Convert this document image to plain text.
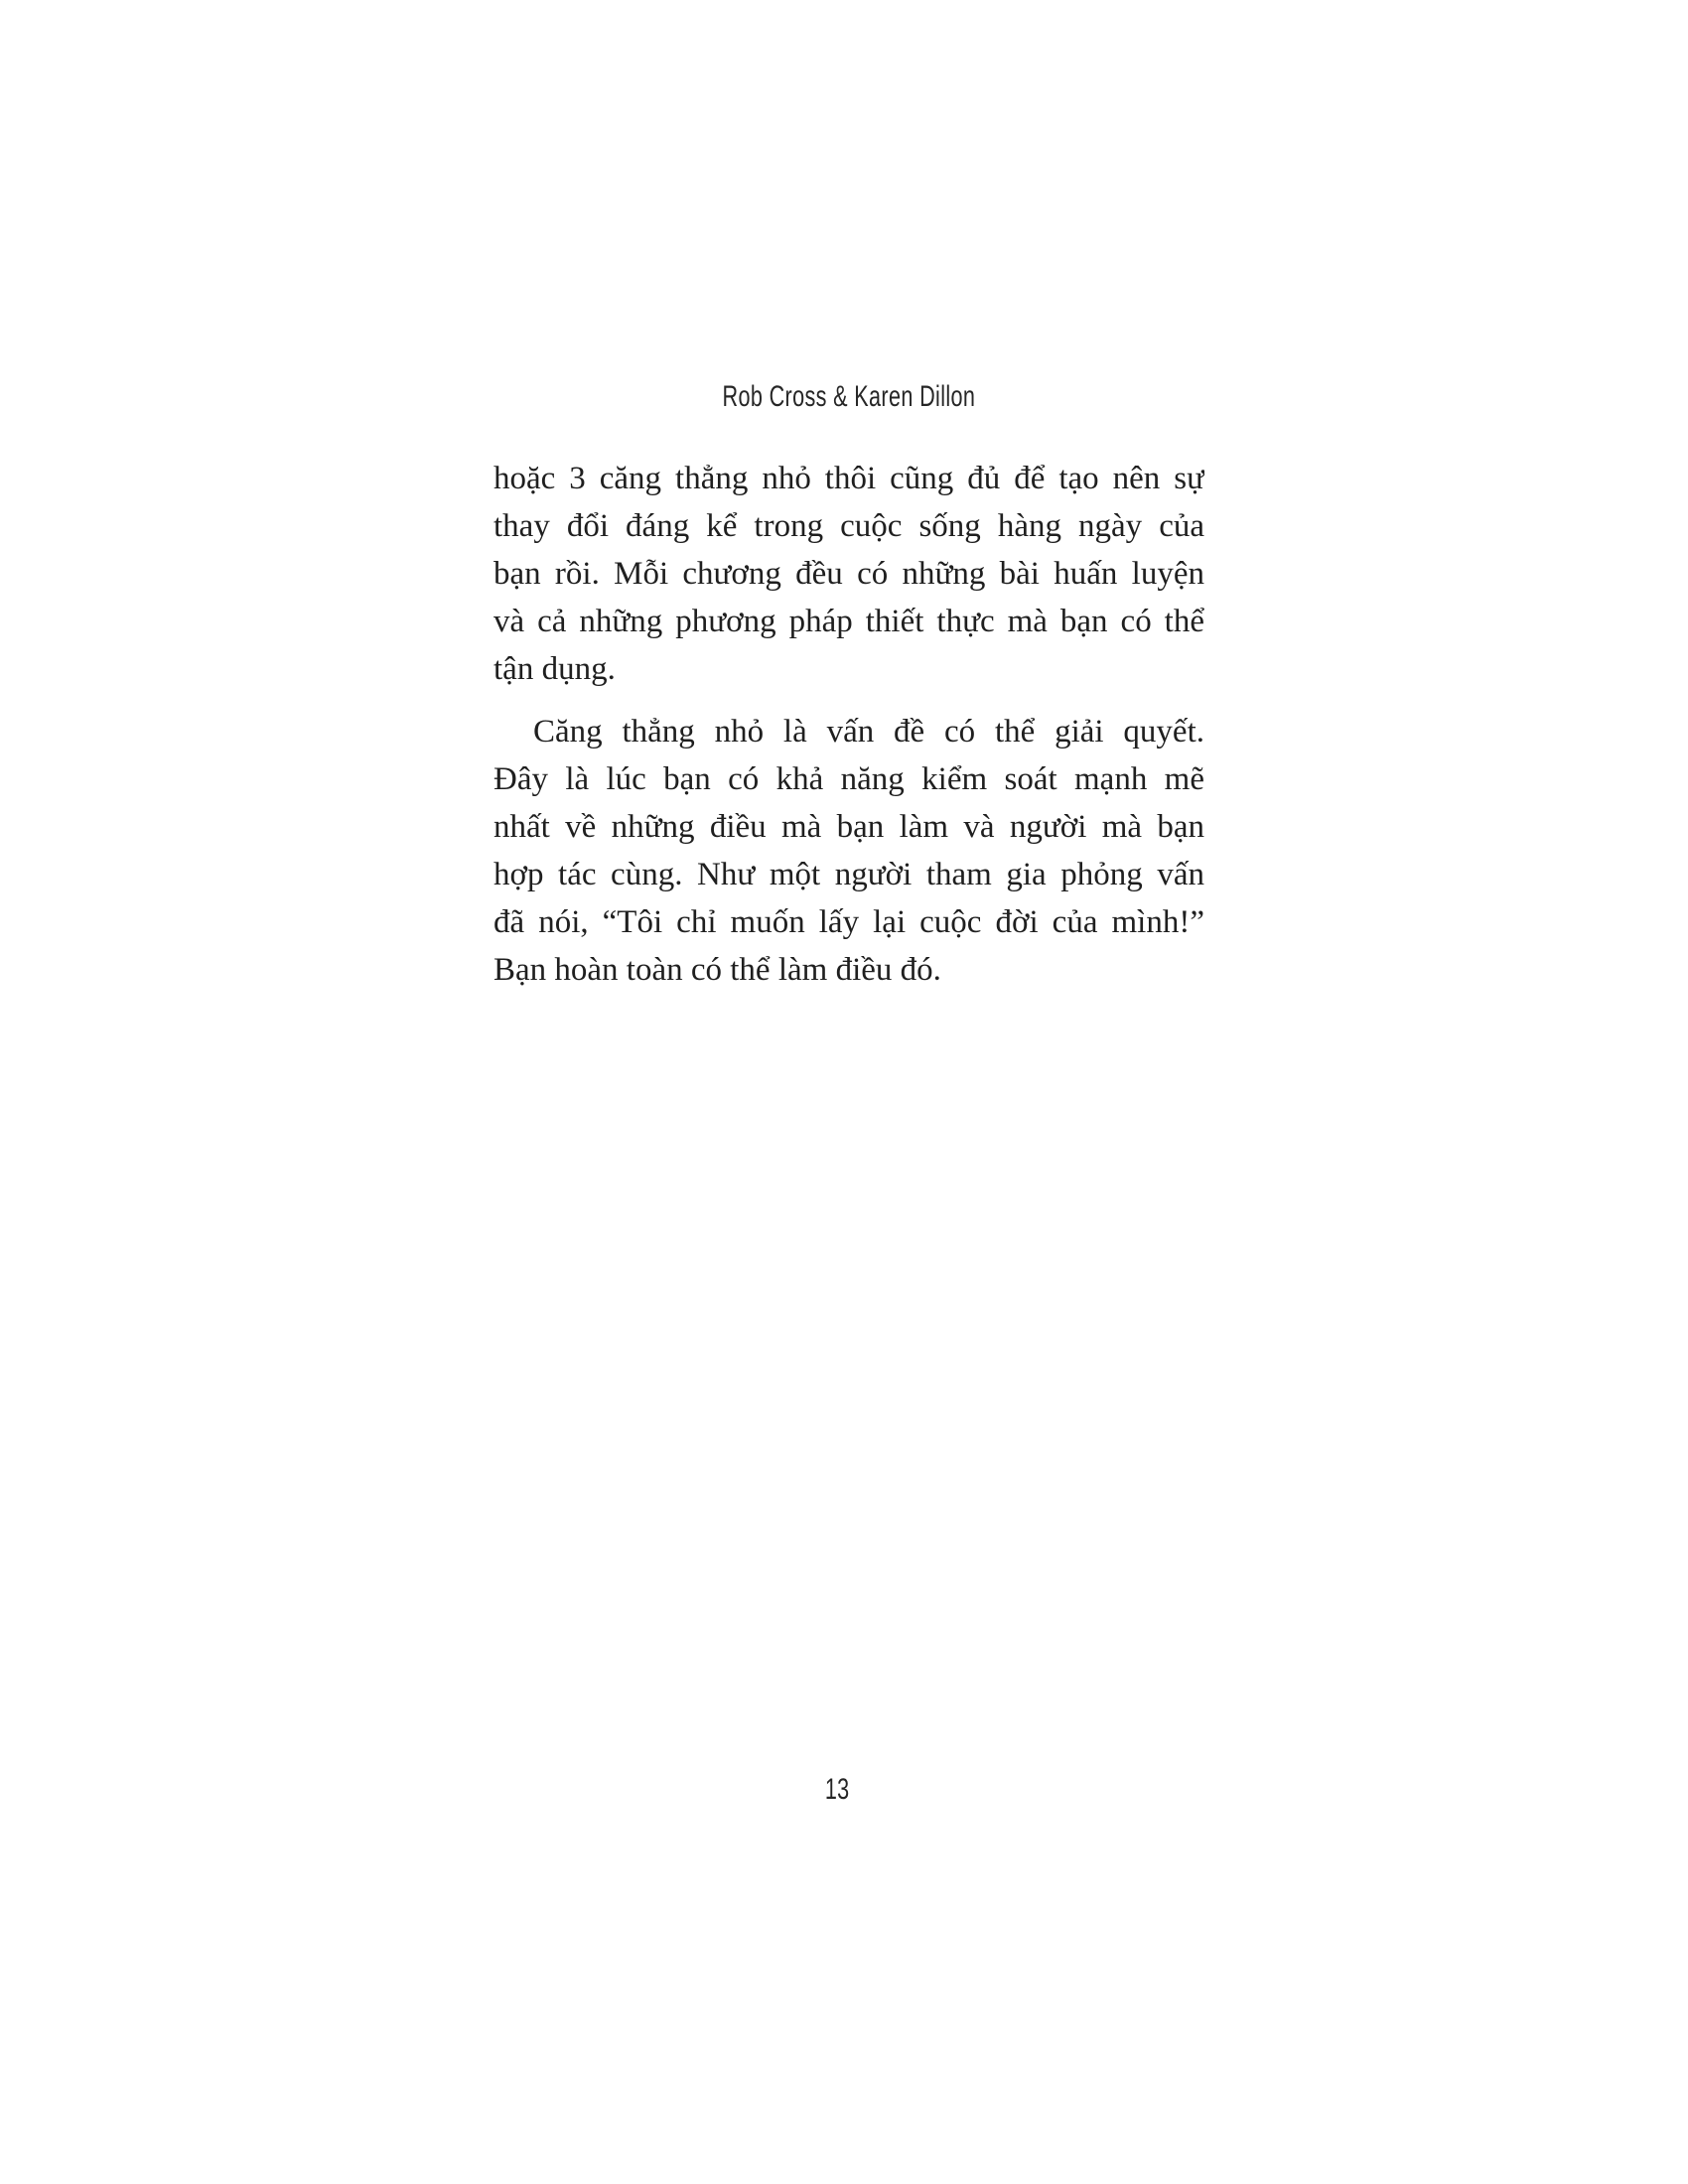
Rob Cross & Karen Dillon
hoặc 3 căng thẳng nhỏ thôi cũng đủ để tạo nên sự
thay đổi đáng kể trong cuộc sống hàng ngày của
bạn rồi. Mỗi chương đều có những bài huấn luyện
và cả những phương pháp thiết thực mà bạn có thể
tận dụng.
Căng thẳng nhỏ là vấn đề có thể giải quyết.
Đây là lúc bạn có khả năng kiểm soát mạnh mẽ
nhất về những điều mà bạn làm và người mà bạn
hợp tác cùng. Như một người tham gia phỏng vấn
đã nói, “Tôi chỉ muốn lấy lại cuộc đời của mình!”
Bạn hoàn toàn có thể làm điều đó.
13
